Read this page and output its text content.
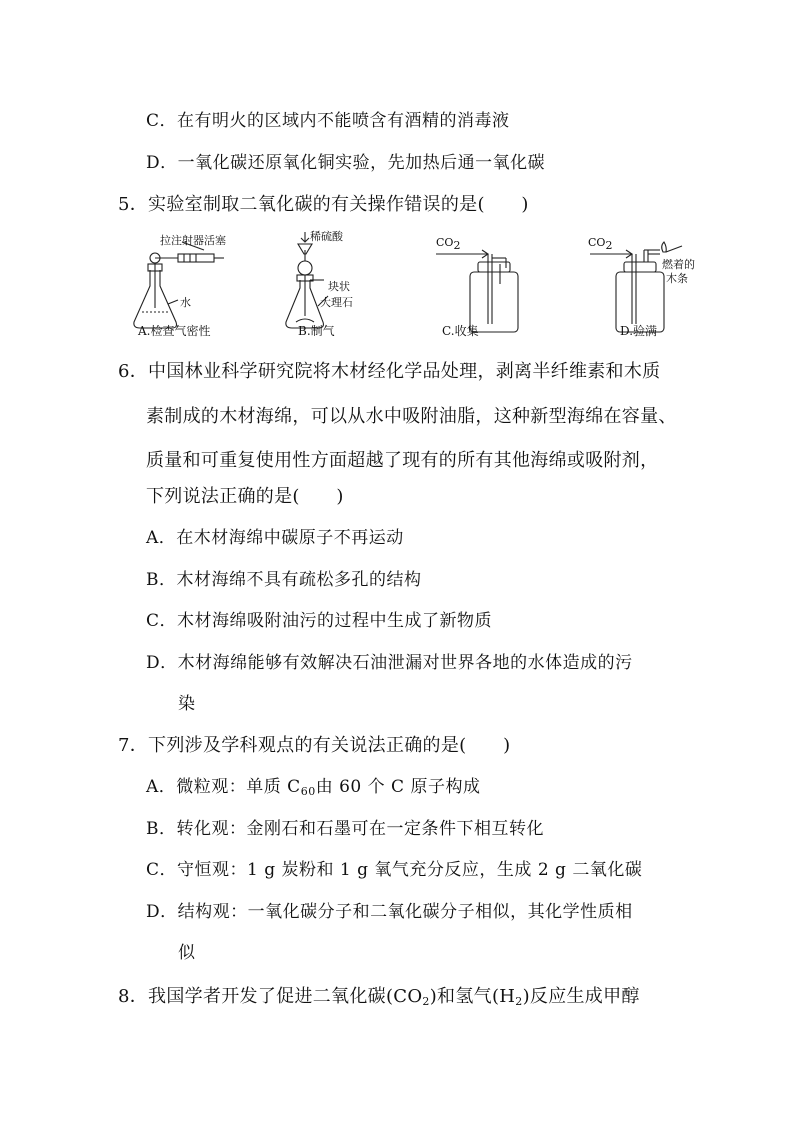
C．在有明火的区域内不能喷含有酒精的消毒液
D．一氧化碳还原氧化铜实验，先加热后通一氧化碳
5．实验室制取二氧化碳的有关操作错误的是(　　)
拉注射器活塞
水
A.检查气密性
稀硫酸
块状
大理石
B.制气
$CO_2$
C.收集
$CO_2$
燃着的
木条
D.验满
6．中国林业科学研究院将木材经化学品处理，剥离半纤维素和木质
素制成的木材海绵，可以从水中吸附油脂，这种新型海绵在容量、
质量和可重复使用性方面超越了现有的所有其他海绵或吸附剂，
下列说法正确的是(　　)
A．在木材海绵中碳原子不再运动
B．木材海绵不具有疏松多孔的结构
C．木材海绵吸附油污的过程中生成了新物质
D．木材海绵能够有效解决石油泄漏对世界各地的水体造成的污
染
7．下列涉及学科观点的有关说法正确的是(　　)
A．微粒观：单质 $C_{60}$由 60 个 C 原子构成
B．转化观：金刚石和石墨可在一定条件下相互转化
C．守恒观：1 g 炭粉和 1 g 氧气充分反应，生成 2 g 二氧化碳
D．结构观：一氧化碳分子和二氧化碳分子相似，其化学性质相
似
8．我国学者开发了促进二氧化碳$(CO_2)$和氢气$(H_2)$反应生成甲醇
